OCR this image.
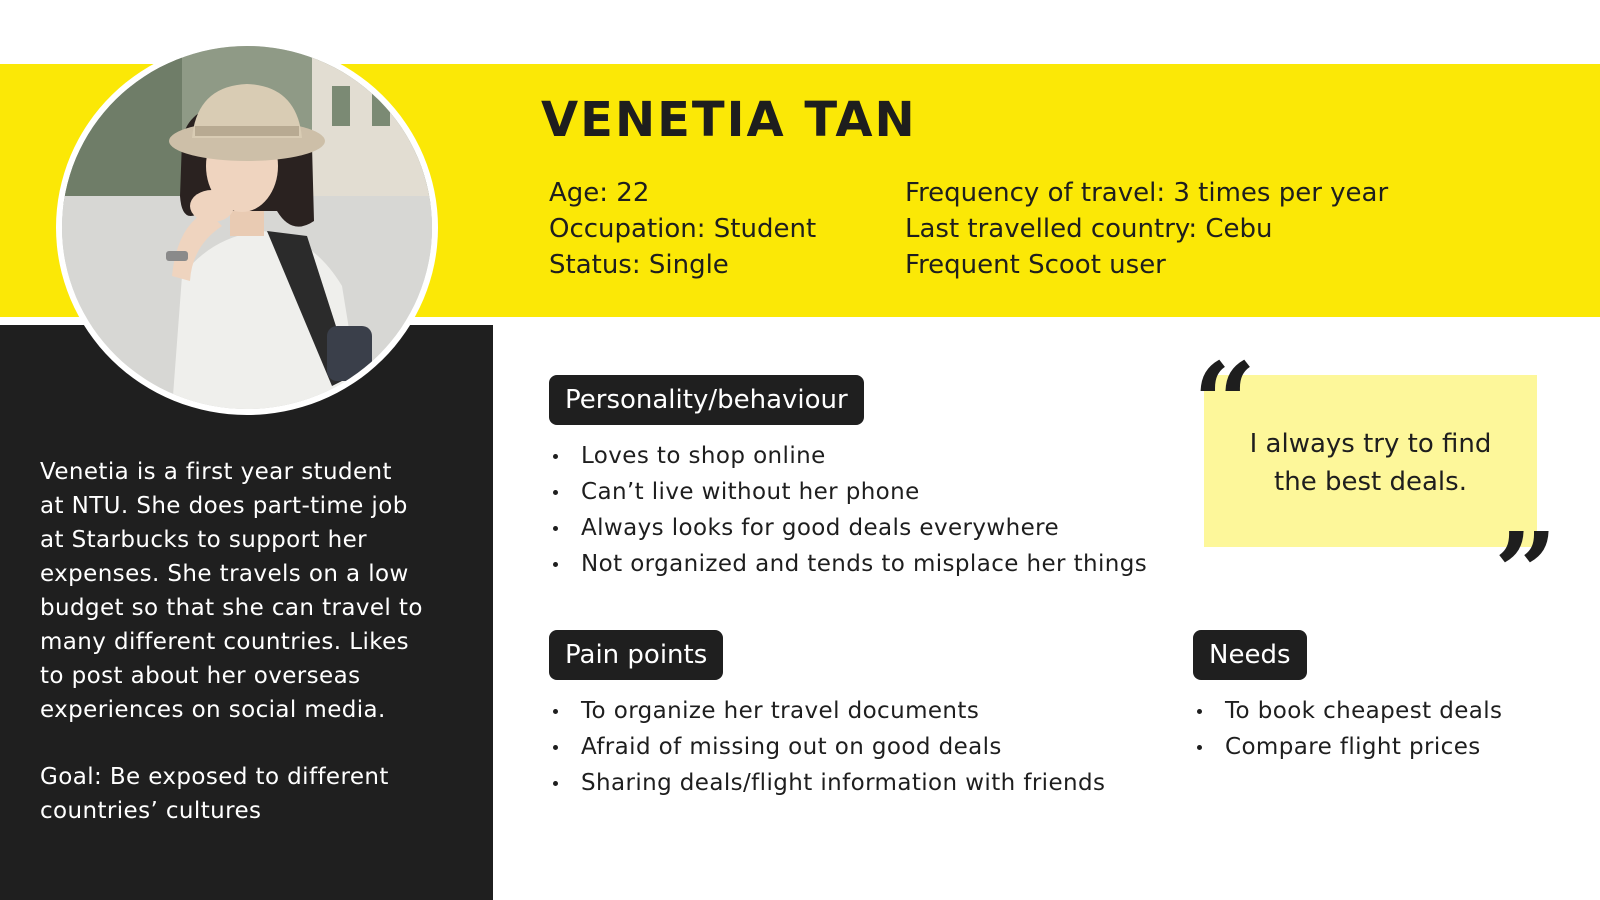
VENETIA TAN
Age: 22
Occupation: Student
Status: Single
Frequency of travel: 3 times per year
Last travelled country: Cebu
Frequent Scoot user
Venetia is a first year student
at NTU. She does part-time job
at Starbucks to support her
expenses. She travels on a low
budget so that she can travel to
many different countries. Likes
to post about her overseas
experiences on social media.
Goal: Be exposed to different
countries’ cultures
Personality/behaviour
Loves to shop online
Can’t live without her phone
Always looks for good deals everywhere
Not organized and tends to misplace her things
“
I always try to find
the best deals.
”
Pain points
To organize her travel documents
Afraid of missing out on good deals
Sharing deals/flight information with friends
Needs
To book cheapest deals
Compare flight prices
